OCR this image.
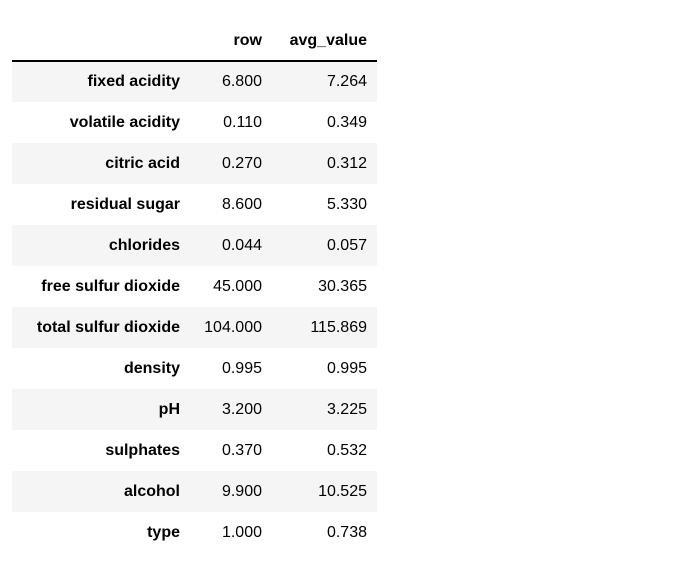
	row	avg_value
fixed acidity	6.800	7.264
volatile acidity	0.110	0.349
citric acid	0.270	0.312
residual sugar	8.600	5.330
chlorides	0.044	0.057
free sulfur dioxide	45.000	30.365
total sulfur dioxide	104.000	115.869
density	0.995	0.995
pH	3.200	3.225
sulphates	0.370	0.532
alcohol	9.900	10.525
type	1.000	0.738
